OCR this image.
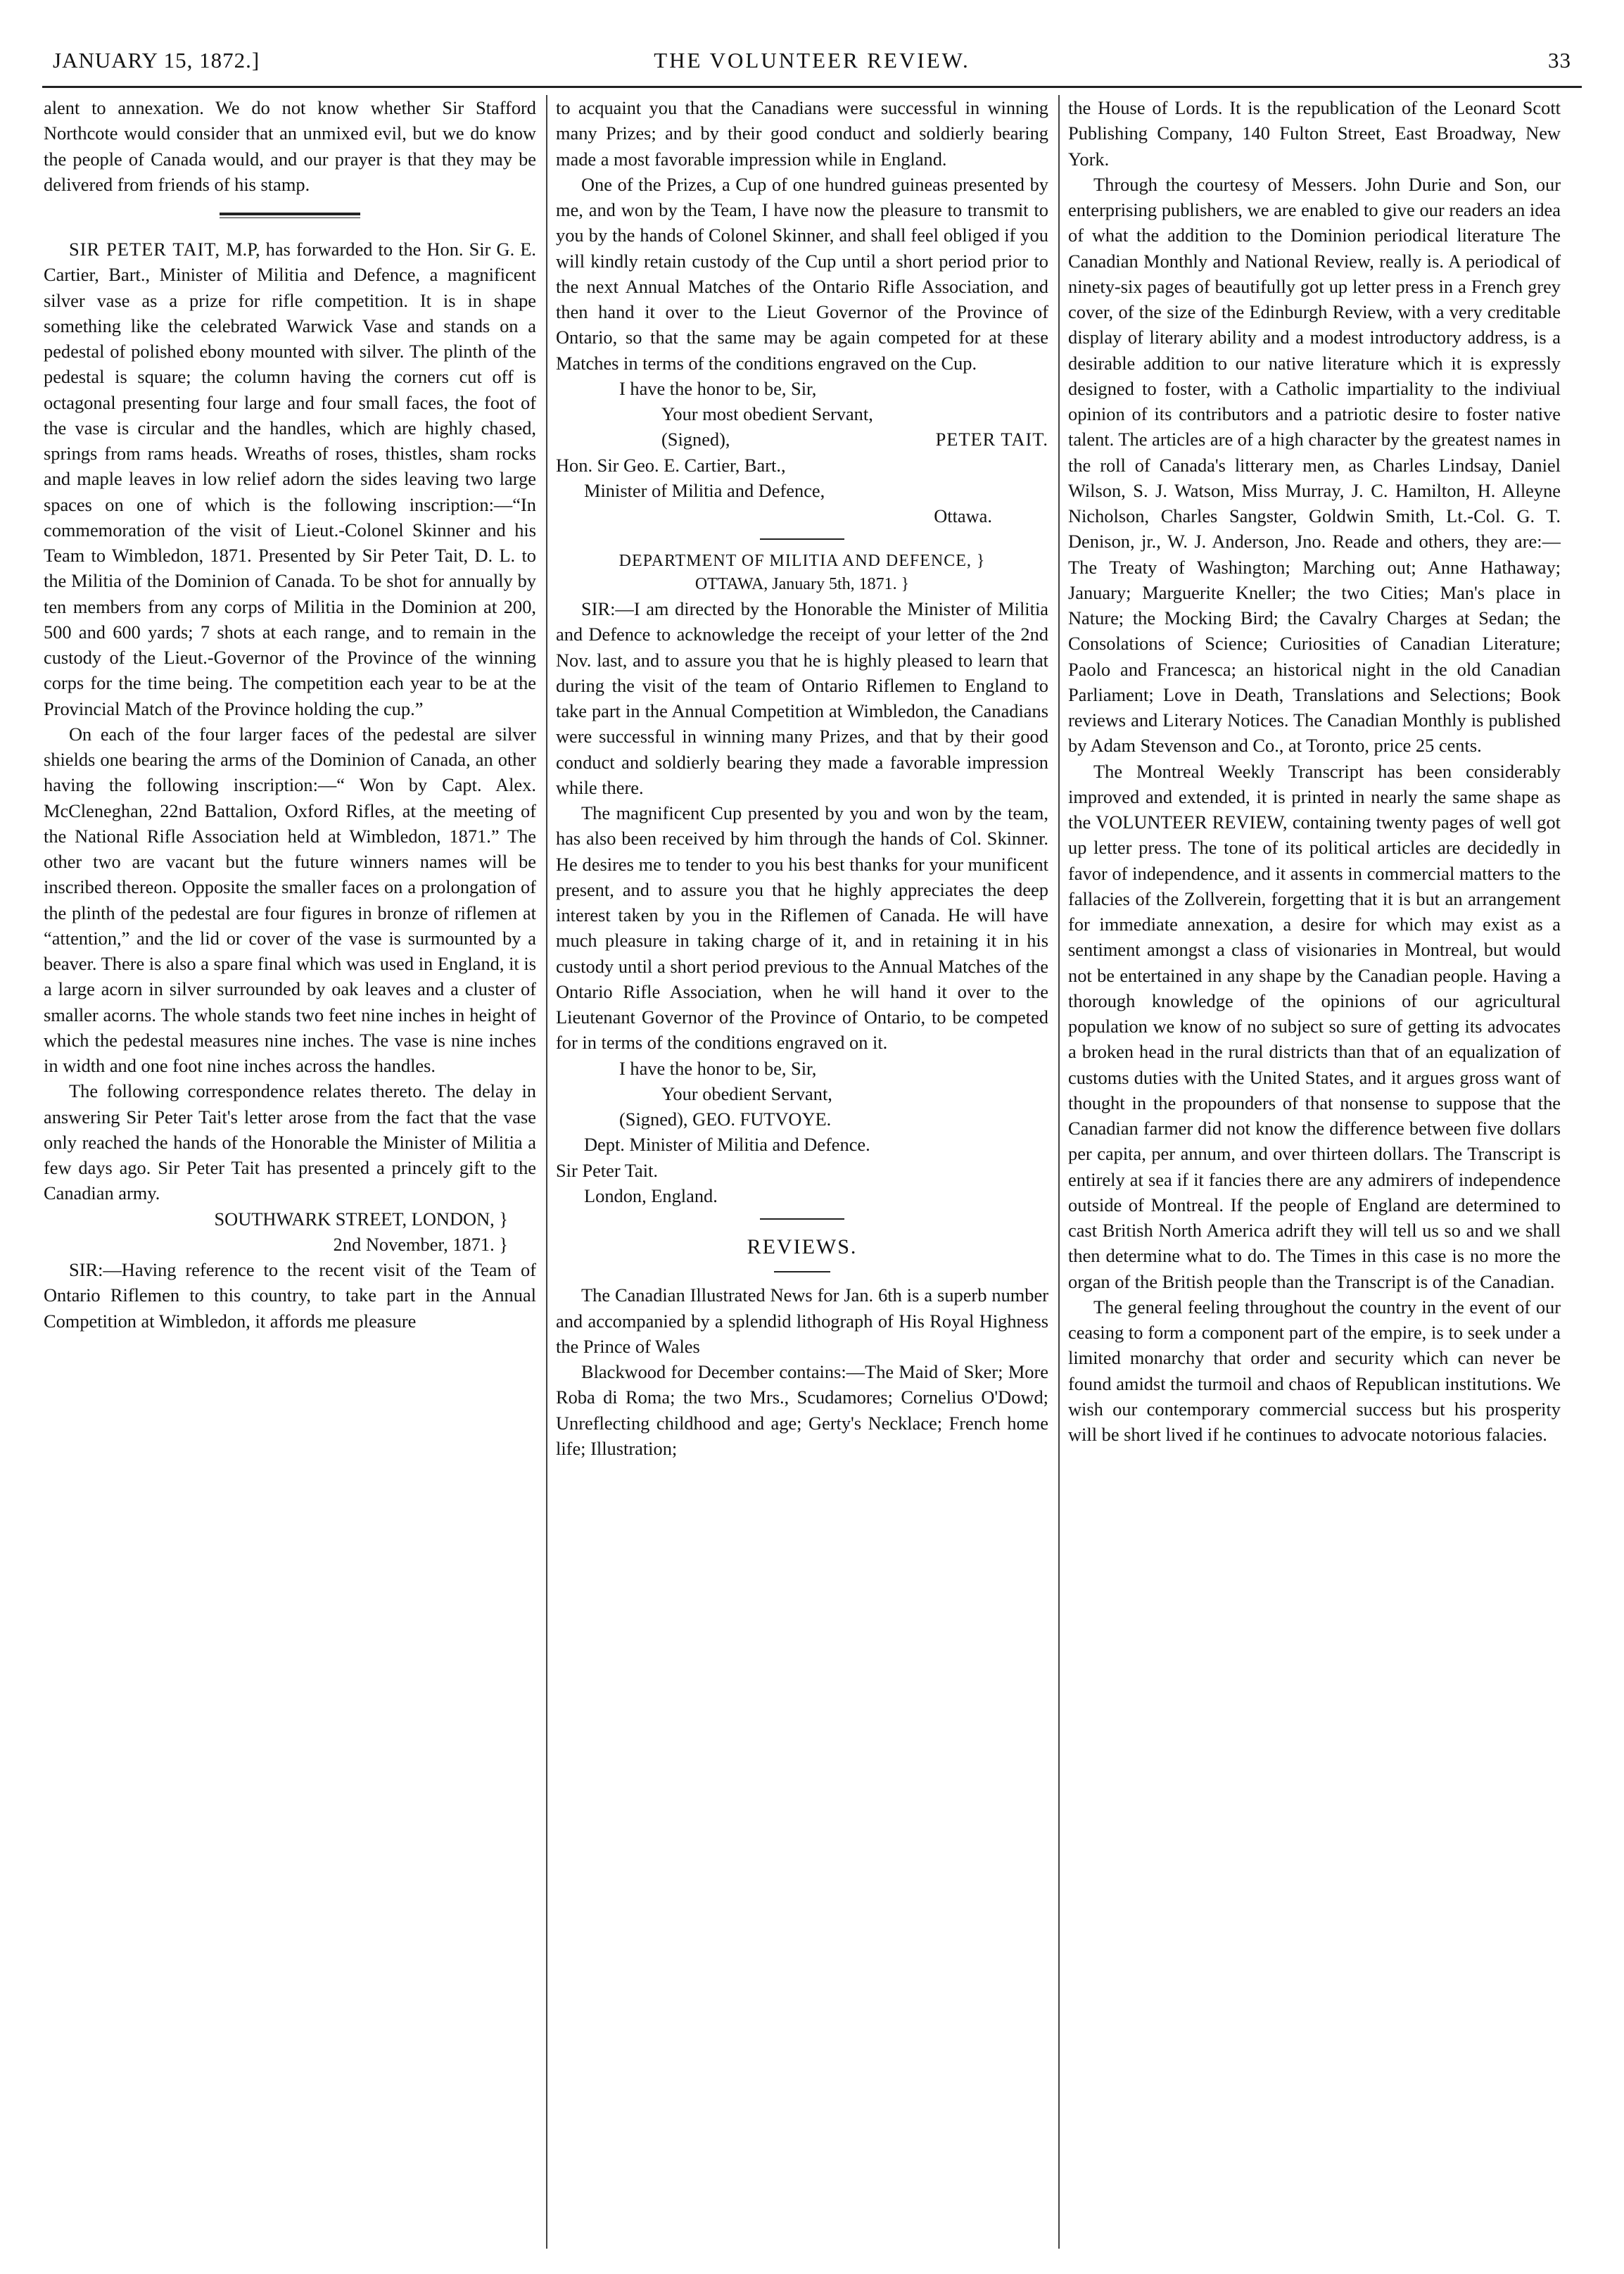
JANUARY 15, 1872.]	THE VOLUNTEER REVIEW.	33

alent to annexation. We do not know whether Sir Stafford Northcote would consider that an unmixed evil, but we do know the people of Canada would, and our prayer is that they may be delivered from friends of his stamp.

SIR PETER TAIT, M.P, has forwarded to the Hon. Sir G. E. Cartier, Bart., Minister of Militia and Defence, a magnificent silver vase as a prize for rifle competition. It is in shape something like the celebrated Warwick Vase and stands on a pedestal of polished ebony mounted with silver. The plinth of the pedestal is square; the column having the corners cut off is octagonal presenting four large and four small faces, the foot of the vase is circular and the handles, which are highly chased, springs from rams heads. Wreaths of roses, thistles, sham rocks and maple leaves in low relief adorn the sides leaving two large spaces on one of which is the following inscription:—“In commemoration of the visit of Lieut.-Colonel Skinner and his Team to Wimbledon, 1871. Presented by Sir Peter Tait, D. L. to the Militia of the Dominion of Canada. To be shot for annually by ten members from any corps of Militia in the Dominion at 200, 500 and 600 yards; 7 shots at each range, and to remain in the custody of the Lieut.-Governor of the Province of the winning corps for the time being. The competition each year to be at the Provincial Match of the Province holding the cup.”

On each of the four larger faces of the pedestal are silver shields one bearing the arms of the Dominion of Canada, an other having the following inscription:—“ Won by Capt. Alex. McCleneghan, 22nd Battalion, Oxford Rifles, at the meeting of the National Rifle Association held at Wimbledon, 1871.” The other two are vacant but the future winners names will be inscribed thereon. Opposite the smaller faces on a prolongation of the plinth of the pedestal are four figures in bronze of riflemen at “attention,” and the lid or cover of the vase is surmounted by a beaver. There is also a spare final which was used in England, it is a large acorn in silver surrounded by oak leaves and a cluster of smaller acorns. The whole stands two feet nine inches in height of which the pedestal measures nine inches. The vase is nine inches in width and one foot nine inches across the handles.

The following correspondence relates thereto. The delay in answering Sir Peter Tait's letter arose from the fact that the vase only reached the hands of the Honorable the Minister of Militia a few days ago. Sir Peter Tait has presented a princely gift to the Canadian army.

SOUTHWARK STREET, LONDON, }

2nd November, 1871. }

SIR:—Having reference to the recent visit of the Team of Ontario Riflemen to this country, to take part in the Annual Competition at Wimbledon, it affords me pleasure

to acquaint you that the Canadians were successful in winning many Prizes; and by their good conduct and soldierly bearing made a most favorable impression while in England.

One of the Prizes, a Cup of one hundred guineas presented by me, and won by the Team, I have now the pleasure to transmit to you by the hands of Colonel Skinner, and shall feel obliged if you will kindly retain custody of the Cup until a short period prior to the next Annual Matches of the Ontario Rifle Association, and then hand it over to the Lieut Governor of the Province of Ontario, so that the same may be again competed for at these Matches in terms of the conditions engraved on the Cup.

I have the honor to be, Sir,

Your most obedient Servant,

(Signed),	PETER TAIT.

Hon. Sir Geo. E. Cartier, Bart.,

Minister of Militia and Defence,

Ottawa.

DEPARTMENT OF MILITIA AND DEFENCE, }

OTTAWA, January 5th, 1871. }

SIR:—I am directed by the Honorable the Minister of Militia and Defence to acknowledge the receipt of your letter of the 2nd Nov. last, and to assure you that he is highly pleased to learn that during the visit of the team of Ontario Riflemen to England to take part in the Annual Competition at Wimbledon, the Canadians were successful in winning many Prizes, and that by their good conduct and soldierly bearing they made a favorable impression while there.

The magnificent Cup presented by you and won by the team, has also been received by him through the hands of Col. Skinner. He desires me to tender to you his best thanks for your munificent present, and to assure you that he highly appreciates the deep interest taken by you in the Riflemen of Canada. He will have much pleasure in taking charge of it, and in retaining it in his custody until a short period previous to the Annual Matches of the Ontario Rifle Association, when he will hand it over to the Lieutenant Governor of the Province of Ontario, to be competed for in terms of the conditions engraved on it.

I have the honor to be, Sir,

Your obedient Servant,

(Signed), GEO. FUTVOYE.

Dept. Minister of Militia and Defence.

Sir Peter Tait.

London, England.

REVIEWS.

The Canadian Illustrated News for Jan. 6th is a superb number and accompanied by a splendid lithograph of His Royal Highness the Prince of Wales

Blackwood for December contains:—The Maid of Sker; More Roba di Roma; the two Mrs., Scudamores; Cornelius O'Dowd; Unreflecting childhood and age; Gerty's Necklace; French home life; Illustration;

the House of Lords. It is the republication of the Leonard Scott Publishing Company, 140 Fulton Street, East Broadway, New York.

Through the courtesy of Messers. John Durie and Son, our enterprising publishers, we are enabled to give our readers an idea of what the addition to the Dominion periodical literature The Canadian Monthly and National Review, really is. A periodical of ninety-six pages of beautifully got up letter press in a French grey cover, of the size of the Edinburgh Review, with a very creditable display of literary ability and a modest introductory address, is a desirable addition to our native literature which it is expressly designed to foster, with a Catholic impartiality to the indiviual opinion of its contributors and a patriotic desire to foster native talent. The articles are of a high character by the greatest names in the roll of Canada's litterary men, as Charles Lindsay, Daniel Wilson, S. J. Watson, Miss Murray, J. C. Hamilton, H. Alleyne Nicholson, Charles Sangster, Goldwin Smith, Lt.-Col. G. T. Denison, jr., W. J. Anderson, Jno. Reade and others, they are:—The Treaty of Washington; Marching out; Anne Hathaway; January; Marguerite Kneller; the two Cities; Man's place in Nature; the Mocking Bird; the Cavalry Charges at Sedan; the Consolations of Science; Curiosities of Canadian Literature; Paolo and Francesca; an historical night in the old Canadian Parliament; Love in Death, Translations and Selections; Book reviews and Literary Notices. The Canadian Monthly is published by Adam Stevenson and Co., at Toronto, price 25 cents.

The Montreal Weekly Transcript has been considerably improved and extended, it is printed in nearly the same shape as the VOLUNTEER REVIEW, containing twenty pages of well got up letter press. The tone of its political articles are decidedly in favor of independence, and it assents in commercial matters to the fallacies of the Zollverein, forgetting that it is but an arrangement for immediate annexation, a desire for which may exist as a sentiment amongst a class of visionaries in Montreal, but would not be entertained in any shape by the Canadian people. Having a thorough knowledge of the opinions of our agricultural population we know of no subject so sure of getting its advocates a broken head in the rural districts than that of an equalization of customs duties with the United States, and it argues gross want of thought in the propounders of that nonsense to suppose that the Canadian farmer did not know the difference between five dollars per capita, per annum, and over thirteen dollars. The Transcript is entirely at sea if it fancies there are any admirers of independence outside of Montreal. If the people of England are determined to cast British North America adrift they will tell us so and we shall then determine what to do. The Times in this case is no more the organ of the British people than the Transcript is of the Canadian.

The general feeling throughout the country in the event of our ceasing to form a component part of the empire, is to seek under a limited monarchy that order and security which can never be found amidst the turmoil and chaos of Republican institutions. We wish our contemporary commercial success but his prosperity will be short lived if he continues to advocate notorious falacies.
